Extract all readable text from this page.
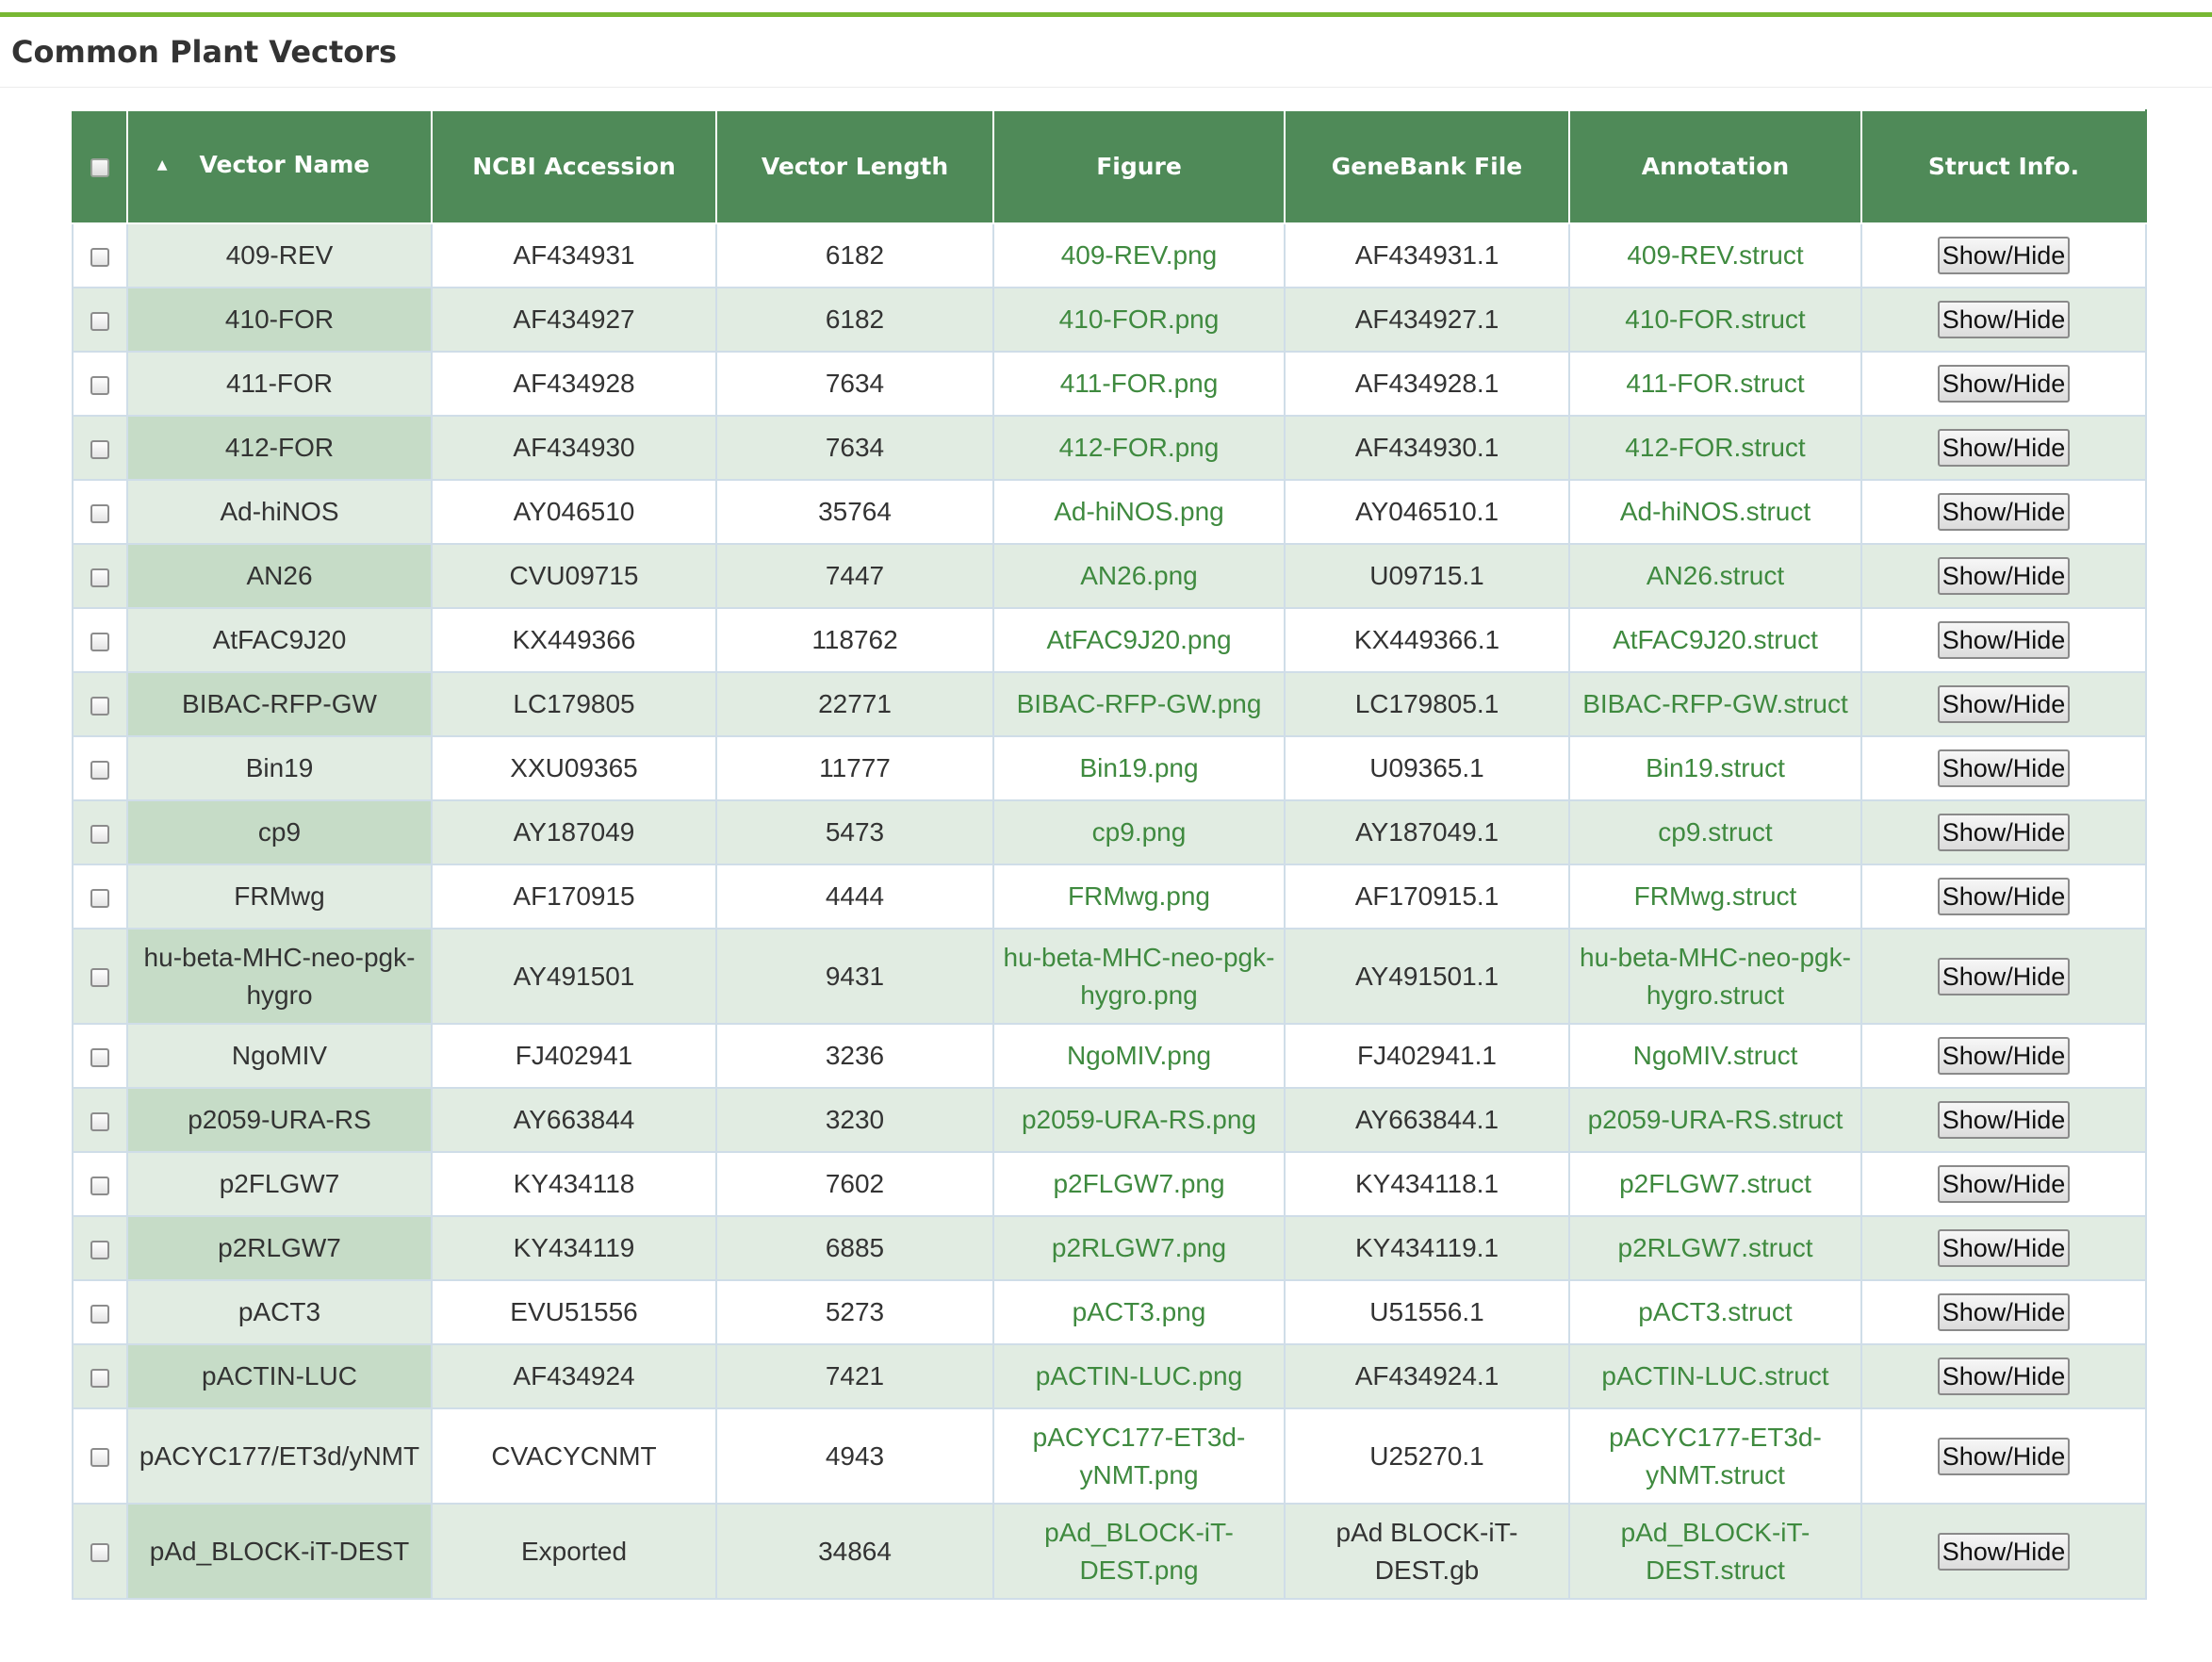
Common Plant Vectors
	▲ Vector Name	NCBI Accession	Vector Length	Figure	GeneBank File	Annotation	Struct Info.
	409-REV	AF434931	6182	409-REV.png	AF434931.1	409-REV.struct	Show/Hide
	410-FOR	AF434927	6182	410-FOR.png	AF434927.1	410-FOR.struct	Show/Hide
	411-FOR	AF434928	7634	411-FOR.png	AF434928.1	411-FOR.struct	Show/Hide
	412-FOR	AF434930	7634	412-FOR.png	AF434930.1	412-FOR.struct	Show/Hide
	Ad-hiNOS	AY046510	35764	Ad-hiNOS.png	AY046510.1	Ad-hiNOS.struct	Show/Hide
	AN26	CVU09715	7447	AN26.png	U09715.1	AN26.struct	Show/Hide
	AtFAC9J20	KX449366	118762	AtFAC9J20.png	KX449366.1	AtFAC9J20.struct	Show/Hide
	BIBAC-RFP-GW	LC179805	22771	BIBAC-RFP-GW.png	LC179805.1	BIBAC-RFP-GW.struct	Show/Hide
	Bin19	XXU09365	11777	Bin19.png	U09365.1	Bin19.struct	Show/Hide
	cp9	AY187049	5473	cp9.png	AY187049.1	cp9.struct	Show/Hide
	FRMwg	AF170915	4444	FRMwg.png	AF170915.1	FRMwg.struct	Show/Hide
	hu-beta-MHC-neo-pgk-hygro	AY491501	9431	hu-beta-MHC-neo-pgk-hygro.png	AY491501.1	hu-beta-MHC-neo-pgk-hygro.struct	Show/Hide
	NgoMIV	FJ402941	3236	NgoMIV.png	FJ402941.1	NgoMIV.struct	Show/Hide
	p2059-URA-RS	AY663844	3230	p2059-URA-RS.png	AY663844.1	p2059-URA-RS.struct	Show/Hide
	p2FLGW7	KY434118	7602	p2FLGW7.png	KY434118.1	p2FLGW7.struct	Show/Hide
	p2RLGW7	KY434119	6885	p2RLGW7.png	KY434119.1	p2RLGW7.struct	Show/Hide
	pACT3	EVU51556	5273	pACT3.png	U51556.1	pACT3.struct	Show/Hide
	pACTIN-LUC	AF434924	7421	pACTIN-LUC.png	AF434924.1	pACTIN-LUC.struct	Show/Hide
	pACYC177/ET3d/yNMT	CVACYCNMT	4943	pACYC177-ET3d-yNMT.png	U25270.1	pACYC177-ET3d-yNMT.struct	Show/Hide
	pAd_BLOCK-iT-DEST	Exported	34864	pAd_BLOCK-iT-DEST.png	pAd BLOCK-iT-DEST.gb	pAd_BLOCK-iT-DEST.struct	Show/Hide
